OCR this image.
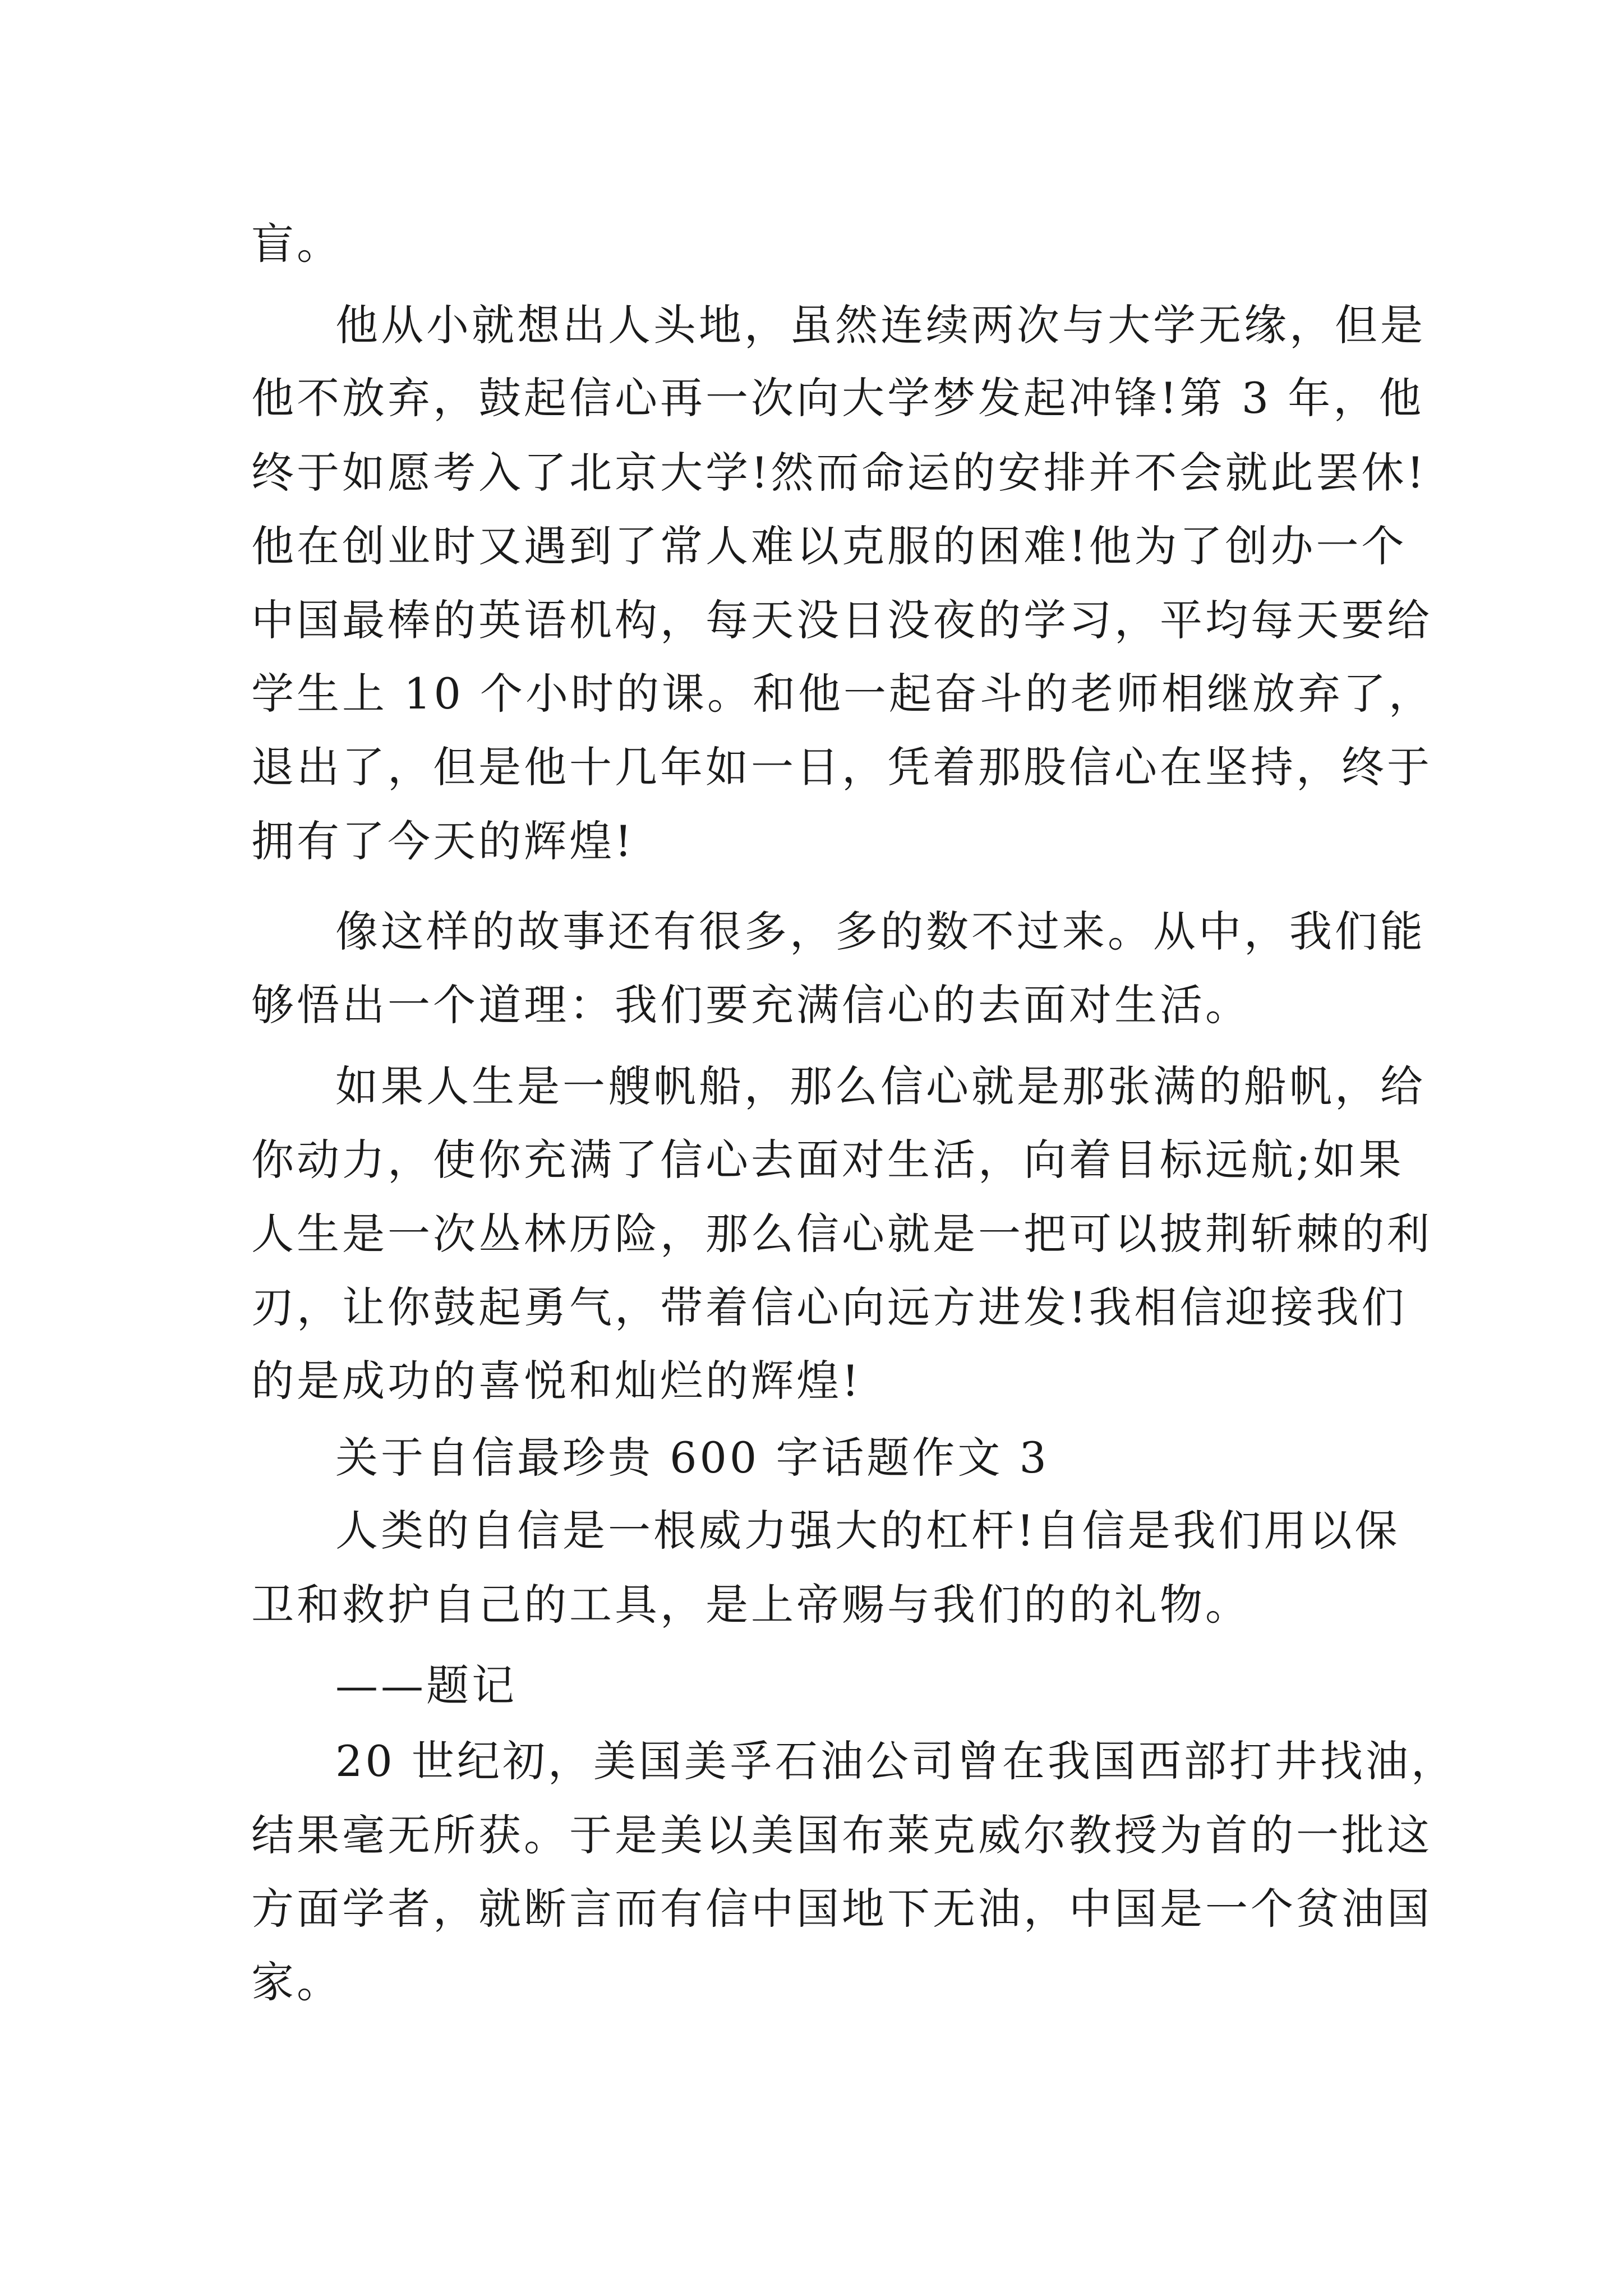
盲。
他从小就想出人头地，虽然连续两次与大学无缘，但是
他不放弃，鼓起信心再一次向大学梦发起冲锋!第 3 年，他
终于如愿考入了北京大学!然而命运的安排并不会就此罢休!
他在创业时又遇到了常人难以克服的困难!他为了创办一个
中国最棒的英语机构，每天没日没夜的学习，平均每天要给
学生上 10 个小时的课。和他一起奋斗的老师相继放弃了，
退出了，但是他十几年如一日，凭着那股信心在坚持，终于
拥有了今天的辉煌!
像这样的故事还有很多，多的数不过来。从中，我们能
够悟出一个道理：我们要充满信心的去面对生活。
如果人生是一艘帆船，那么信心就是那张满的船帆，给
你动力，使你充满了信心去面对生活，向着目标远航;如果
人生是一次丛林历险，那么信心就是一把可以披荆斩棘的利
刃，让你鼓起勇气，带着信心向远方进发!我相信迎接我们
的是成功的喜悦和灿烂的辉煌!
关于自信最珍贵 600 字话题作文 3
人类的自信是一根威力强大的杠杆!自信是我们用以保
卫和救护自己的工具，是上帝赐与我们的的礼物。
——题记
20 世纪初，美国美孚石油公司曾在我国西部打井找油，
结果毫无所获。于是美以美国布莱克威尔教授为首的一批这
方面学者，就断言而有信中国地下无油，中国是一个贫油国
家。
